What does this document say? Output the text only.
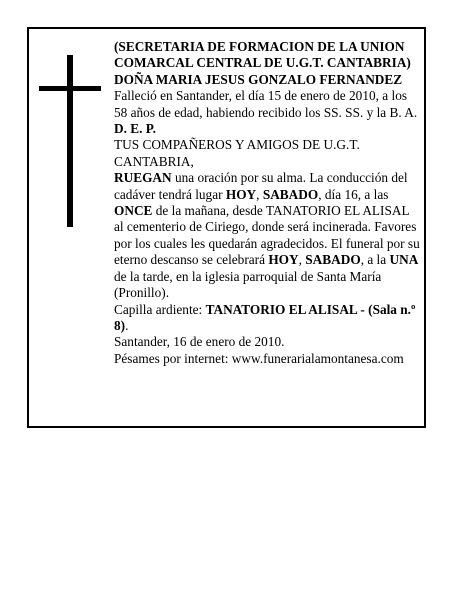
(SECRETARIA DE FORMACION DE LA UNION COMARCAL CENTRAL DE U.G.T. CANTABRIA)

DOÑA MARIA JESUS GONZALO FERNANDEZ

Falleció en Santander, el día 15 de enero de 2010, a los 58 años de edad, habiendo recibido los SS. SS. y la B. A.

D. E. P.

TUS COMPAÑEROS Y AMIGOS DE U.G.T. CANTABRIA,

RUEGAN una oración por su alma. La conducción del cadáver tendrá lugar HOY, SABADO, día 16, a las ONCE de la mañana, desde TANATORIO EL ALISAL al cementerio de Ciriego, donde será incinerada. Favores por los cuales les quedarán agradecidos. El funeral por su eterno descanso se celebrará HOY, SABADO, a la UNA de la tarde, en la iglesia parroquial de Santa María (Pronillo).

Capilla ardiente: TANATORIO EL ALISAL - (Sala n.º 8).

Santander, 16 de enero de 2010.

Pésames por internet: www.funerarialamontanesa.com
